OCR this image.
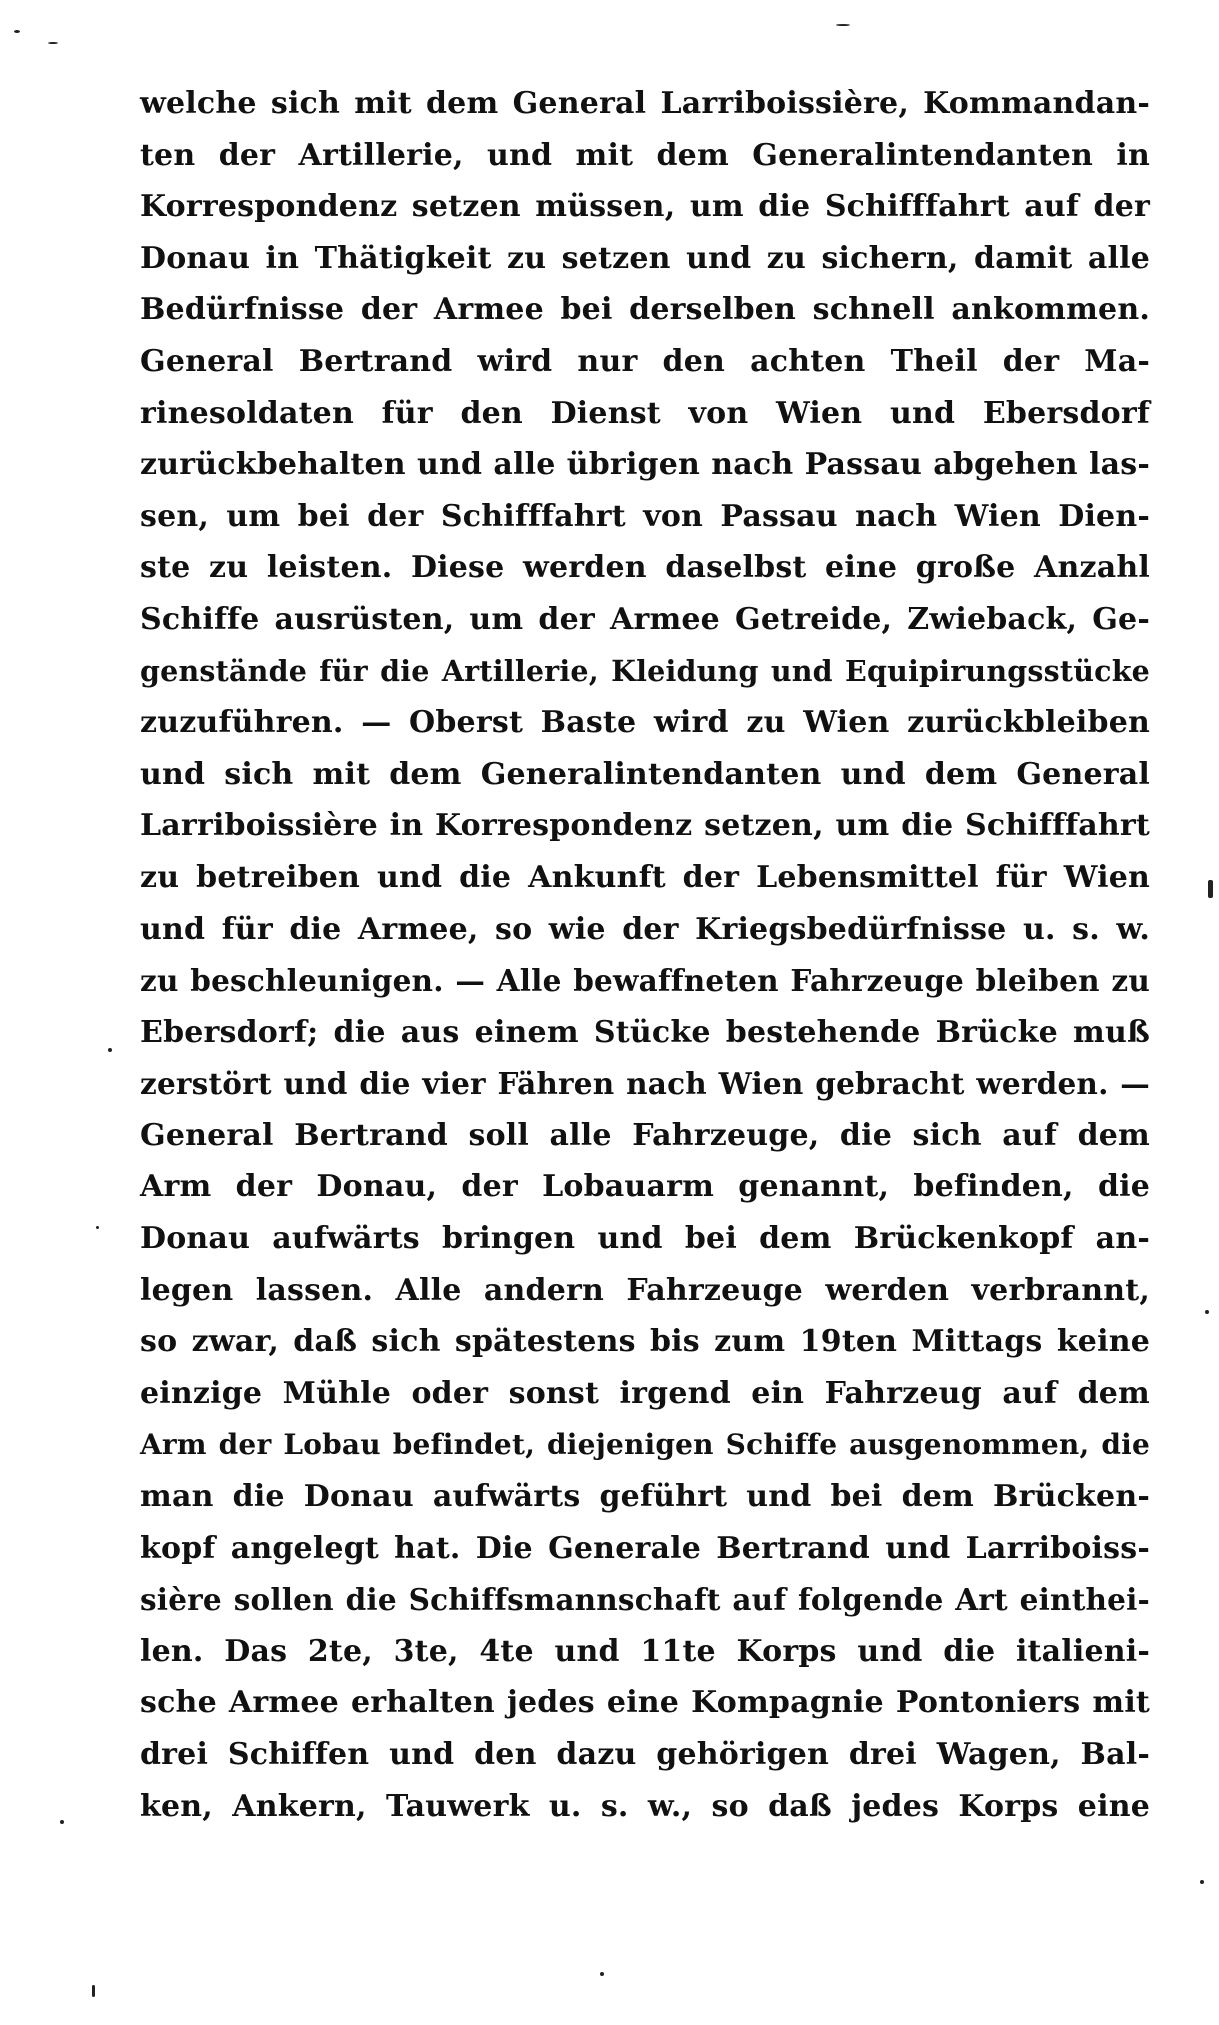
welche sich mit dem General Larriboissière, Kommandan-
ten der Artillerie, und mit dem Generalintendanten in
Korrespondenz setzen müssen, um die Schifffahrt auf der
Donau in Thätigkeit zu setzen und zu sichern, damit alle
Bedürfnisse der Armee bei derselben schnell ankommen.
General Bertrand wird nur den achten Theil der Ma-
rinesoldaten für den Dienst von Wien und Ebersdorf
zurückbehalten und alle übrigen nach Passau abgehen las-
sen, um bei der Schifffahrt von Passau nach Wien Dien-
ste zu leisten. Diese werden daselbst eine große Anzahl
Schiffe ausrüsten, um der Armee Getreide, Zwieback, Ge-
genstände für die Artillerie, Kleidung und Equipirungsstücke
zuzuführen. — Oberst Baste wird zu Wien zurückbleiben
und sich mit dem Generalintendanten und dem General
Larriboissière in Korrespondenz setzen, um die Schifffahrt
zu betreiben und die Ankunft der Lebensmittel für Wien
und für die Armee, so wie der Kriegsbedürfnisse u. s. w.
zu beschleunigen. — Alle bewaffneten Fahrzeuge bleiben zu
Ebersdorf; die aus einem Stücke bestehende Brücke muß
zerstört und die vier Fähren nach Wien gebracht werden. —
General Bertrand soll alle Fahrzeuge, die sich auf dem
Arm der Donau, der Lobauarm genannt, befinden, die
Donau aufwärts bringen und bei dem Brückenkopf an-
legen lassen. Alle andern Fahrzeuge werden verbrannt,
so zwar, daß sich spätestens bis zum 19ten Mittags keine
einzige Mühle oder sonst irgend ein Fahrzeug auf dem
Arm der Lobau befindet, diejenigen Schiffe ausgenommen, die
man die Donau aufwärts geführt und bei dem Brücken-
kopf angelegt hat. Die Generale Bertrand und Larriboiss-
sière sollen die Schiffsmannschaft auf folgende Art einthei-
len. Das 2te, 3te, 4te und 11te Korps und die italieni-
sche Armee erhalten jedes eine Kompagnie Pontoniers mit
drei Schiffen und den dazu gehörigen drei Wagen, Bal-
ken, Ankern, Tauwerk u. s. w., so daß jedes Korps eine
